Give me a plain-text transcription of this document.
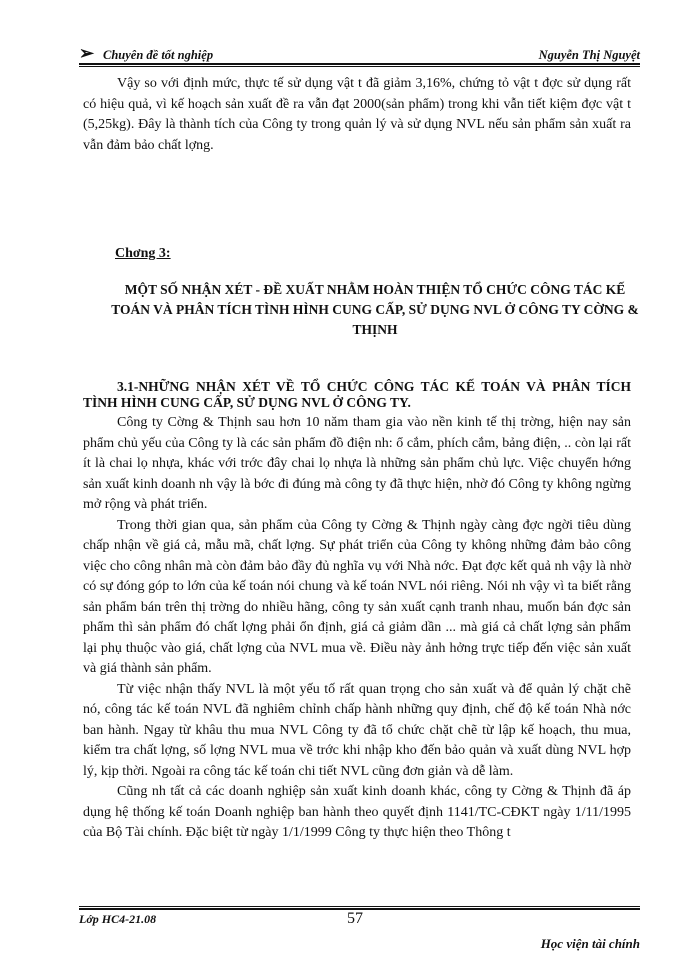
➢ Chuyên đề tốt nghiệp	Nguyễn Thị Nguyệt

Vậy so với định mức, thực tế sử dụng vật t đã giảm 3,16%, chứng tỏ vật t đợc sử dụng rất có hiệu quả, vì kế hoạch sản xuất đề ra vẫn đạt 2000(sản phẩm) trong khi vẫn tiết kiệm đợc vật t (5,25kg). Đây là thành tích của Công ty trong quản lý và sử dụng NVL nếu sản phẩm sản xuất ra vẫn đảm bảo chất lợng.

Chơng 3:
MỘT SỐ NHẬN XÉT - ĐỀ XUẤT NHẰM HOÀN THIỆN TỔ CHỨC CÔNG TÁC KẾ TOÁN VÀ PHÂN TÍCH TÌNH HÌNH CUNG CẤP, SỬ DỤNG NVL Ở CÔNG TY CỜNG & THỊNH
3.1-NHỮNG NHẬN XÉT VỀ TỔ CHỨC CÔNG TÁC KẾ TOÁN VÀ PHÂN TÍCH TÌNH HÌNH CUNG CẤP, SỬ DỤNG NVL Ở CÔNG TY.

Công ty Cờng & Thịnh sau hơn 10 năm tham gia vào nền kinh tế thị trờng, hiện nay sản phẩm chủ yếu của Công ty là các sản phẩm đồ điện nh: ổ cắm, phích cắm, bảng điện, .. còn lại rất ít là chai lọ nhựa, khác với trớc đây chai lọ nhựa là những sản phẩm chủ lực. Việc chuyển hớng sản xuất kinh doanh nh vậy là bớc đi đúng mà công ty đã thực hiện, nhờ đó Công ty không ngừng mở rộng và phát triển.

Trong thời gian qua, sản phẩm của Công ty Cờng & Thịnh ngày càng đợc ngời tiêu dùng chấp nhận về giá cả, mẫu mã, chất lợng. Sự phát triển của Công ty không những đảm bảo công việc cho công nhân mà còn đảm bảo đầy đủ nghĩa vụ với Nhà nớc. Đạt đợc kết quả nh vậy là nhờ có sự đóng góp to lớn của kế toán nói chung và kế toán NVL nói riêng. Nói nh vậy vì ta biết rằng sản phẩm bán trên thị trờng do nhiều hãng, công ty sản xuất cạnh tranh nhau, muốn bán đợc sản phẩm thì sản phẩm đó chất lợng phải ổn định, giá cả giảm dần ... mà giá cả chất lợng sản phẩm lại phụ thuộc vào giá, chất lợng của NVL mua về. Điều này ảnh hởng trực tiếp đến việc sản xuất và giá thành sản phẩm.

Từ việc nhận thấy NVL là một yếu tố rất quan trọng cho sản xuất và để quản lý chặt chẽ nó, công tác kế toán NVL đã nghiêm chỉnh chấp hành những quy định, chế độ kế toán Nhà nớc ban hành. Ngay từ khâu thu mua NVL Công ty đã tổ chức chặt chẽ từ lập kế hoạch, thu mua, kiểm tra chất lợng, số lợng NVL mua về trớc khi nhập kho đến bảo quản và xuất dùng NVL hợp lý, kịp thời. Ngoài ra công tác kế toán chi tiết NVL cũng đơn giản và dễ làm.

Cũng nh tất cả các doanh nghiệp sản xuất kinh doanh khác, công ty Cờng & Thịnh đã áp dụng hệ thống kế toán Doanh nghiệp ban hành theo quyết định 1141/TC-CĐKT ngày 1/11/1995 của Bộ Tài chính. Đặc biệt từ ngày 1/1/1999 Công ty thực hiện theo Thông t

Lớp HC4-21.08	57
Học viện tài chính
